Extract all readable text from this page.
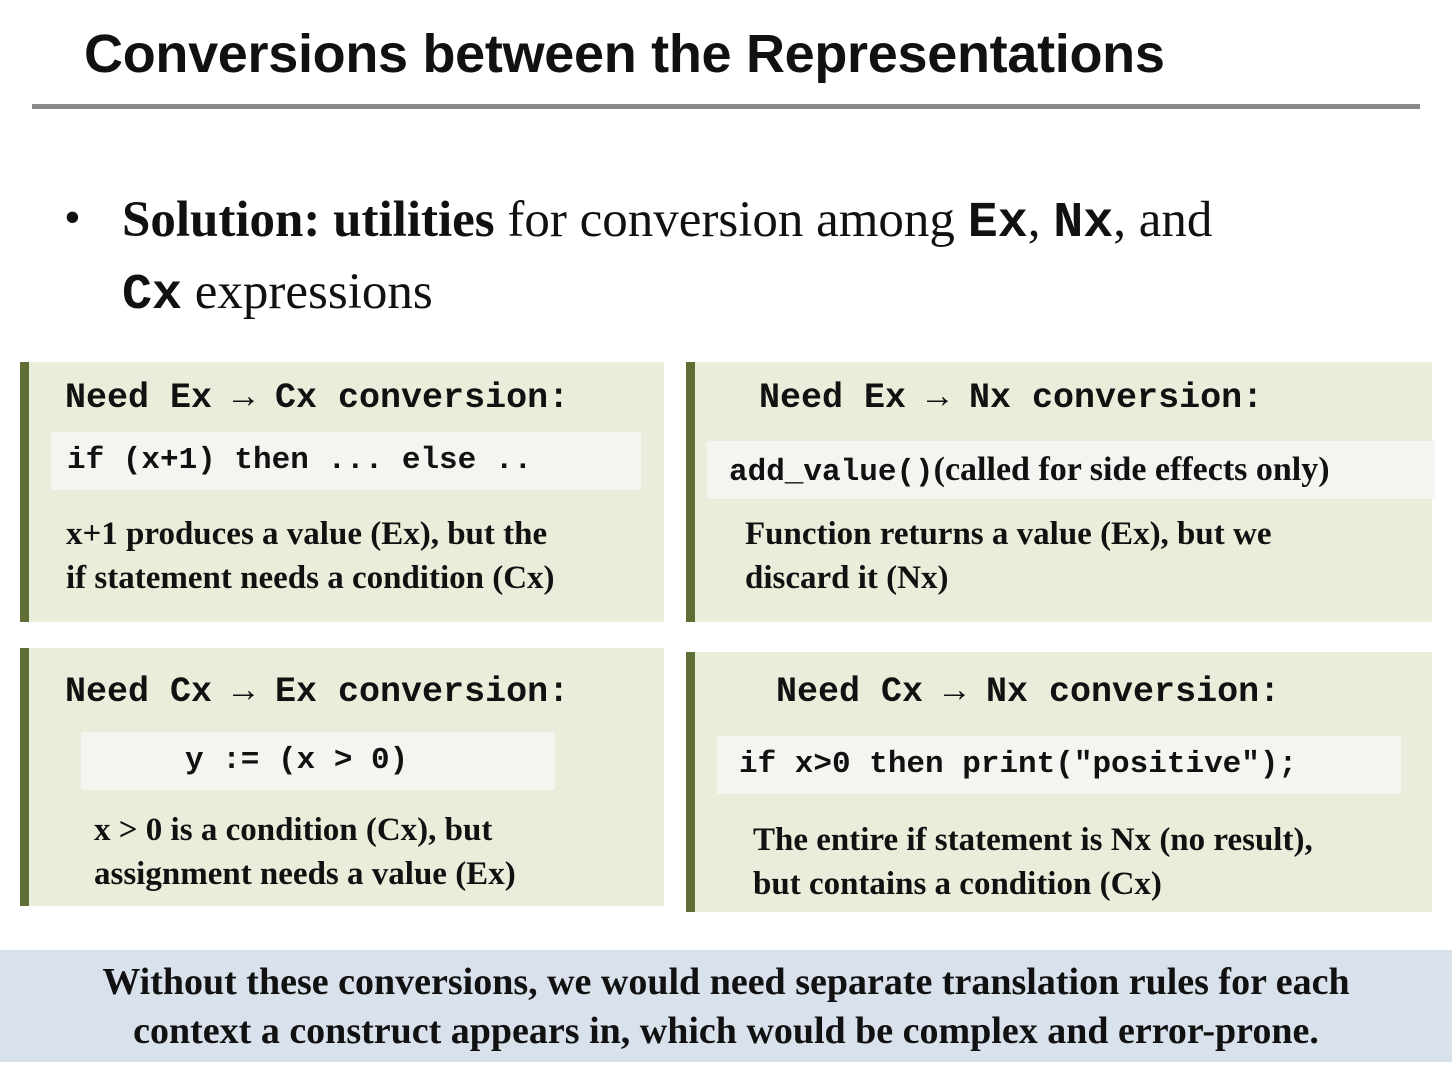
Conversions between the Representations
• Solution: utilities for conversion among Ex, Nx, and
Cx expressions
Need Ex → Cx conversion:
if (x+1) then ... else ..
x+1 produces a value (Ex), but the
if statement needs a condition (Cx)
Need Ex → Nx conversion:
add_value()(called for side effects only)
Function returns a value (Ex), but we
discard it (Nx)
Need Cx → Ex conversion:
y := (x > 0)
x > 0 is a condition (Cx), but
assignment needs a value (Ex)
Need Cx → Nx conversion:
if x>0 then print("positive");
The entire if statement is Nx (no result),
but contains a condition (Cx)
Without these conversions, we would need separate translation rules for each
context a construct appears in, which would be complex and error-prone.
